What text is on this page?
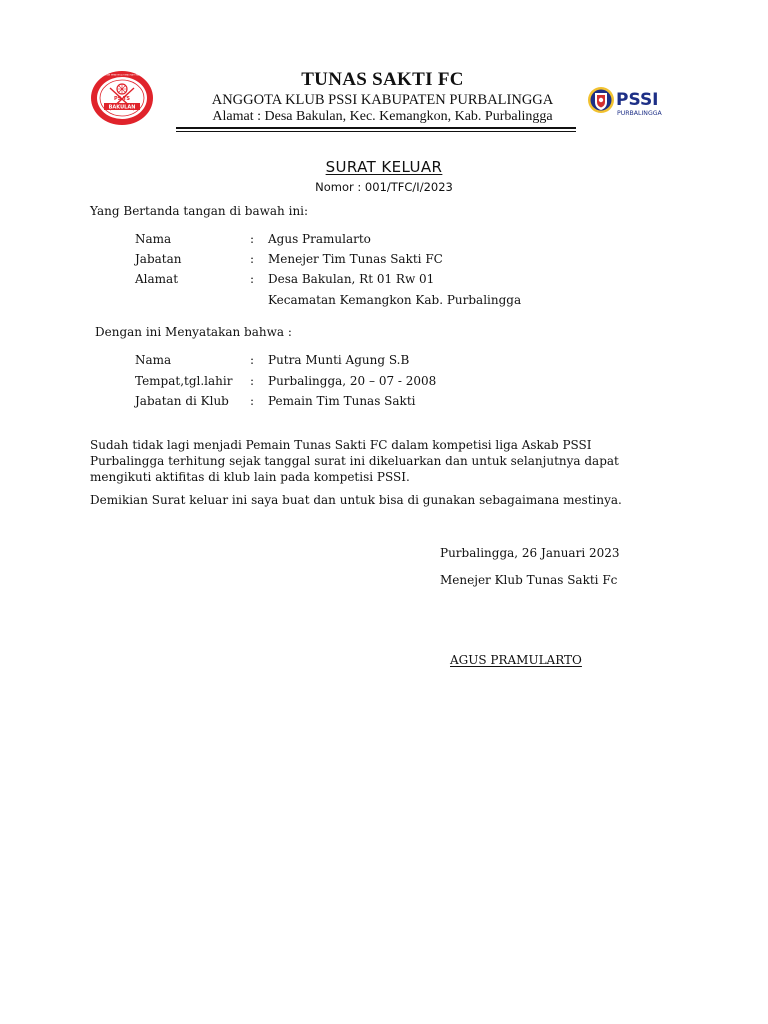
PS TS
BAKULAN
PERSATUAN SEPAK BOLA TUNAS SAKTI BAKULAN	TUNAS SAKTI FC
ANGGOTA KLUB PSSI KABUPATEN PURBALINGGA
Alamat : Desa Bakulan, Kec. Kemangkon, Kab. Purbalingga
PSSI
PURBALINGGA
SURAT KELUAR
Nomor : 001/TFC/I/2023
Yang Bertanda tangan di bawah ini:
Nama	: Agus Pramularto
Jabatan	: Menejer Tim Tunas Sakti FC
Alamat	: Desa Bakulan, Rt 01 Rw 01
Kecamatan Kemangkon Kab. Purbalingga
Dengan ini Menyatakan bahwa :
Nama	: Putra Munti Agung S.B
Tempat,tgl.lahir : Purbalingga, 20 – 07 - 2008
Jabatan di Klub : Pemain Tim Tunas Sakti
Sudah tidak lagi menjadi Pemain Tunas Sakti FC dalam kompetisi liga Askab PSSI
Purbalingga terhitung sejak tanggal surat ini dikeluarkan dan untuk selanjutnya dapat
mengikuti aktifitas di klub lain pada kompetisi PSSI.
Demikian Surat keluar ini saya buat dan untuk bisa di gunakan sebagaimana mestinya.
Purbalingga, 26 Januari 2023
Menejer Klub Tunas Sakti Fc
AGUS PRAMULARTO
